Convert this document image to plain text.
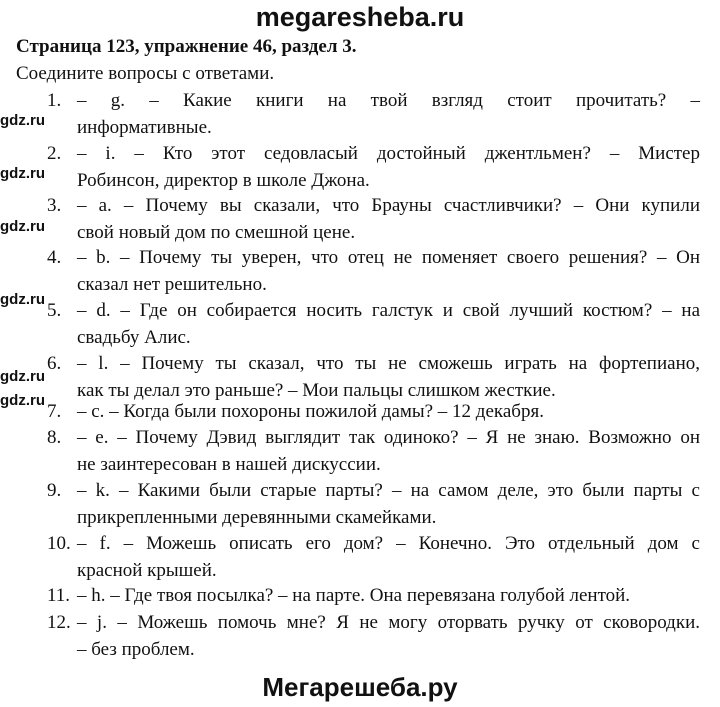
megaresheba.ru
Страница 123, упражнение 46, раздел 3.
Соедините вопросы с ответами.
1. – g. – Какие книги на твой взгляд стоит прочитать? –
информативные.
2. – i. – Кто этот седовласый достойный джентльмен? – Мистер
Робинсон, директор в школе Джона.
3. – a. – Почему вы сказали, что Брауны счастливчики? – Они купили
свой новый дом по смешной цене.
4. – b. – Почему ты уверен, что отец не поменяет своего решения? – Он
сказал нет решительно.
5. – d. – Где он собирается носить галстук и свой лучший костюм? – на
свадьбу Алис.
6. – l. – Почему ты сказал, что ты не сможешь играть на фортепиано,
как ты делал это раньше? – Мои пальцы слишком жесткие.
7. – c. – Когда были похороны пожилой дамы? – 12 декабря.
8. – e. – Почему Дэвид выглядит так одиноко? – Я не знаю. Возможно он
не заинтересован в нашей дискуссии.
9. – k. – Какими были старые парты? – на самом деле, это были парты с
прикрепленными деревянными скамейками.
10. – f. – Можешь описать его дом? – Конечно. Это отдельный дом с
красной крышей.
11. – h. – Где твоя посылка? – на парте. Она перевязана голубой лентой.
12. – j. – Можешь помочь мне? Я не могу оторвать ручку от сковородки.
– без проблем.
gdz.ru
gdz.ru
gdz.ru
gdz.ru
gdz.ru
gdz.ru
Мегарешеба.ру
